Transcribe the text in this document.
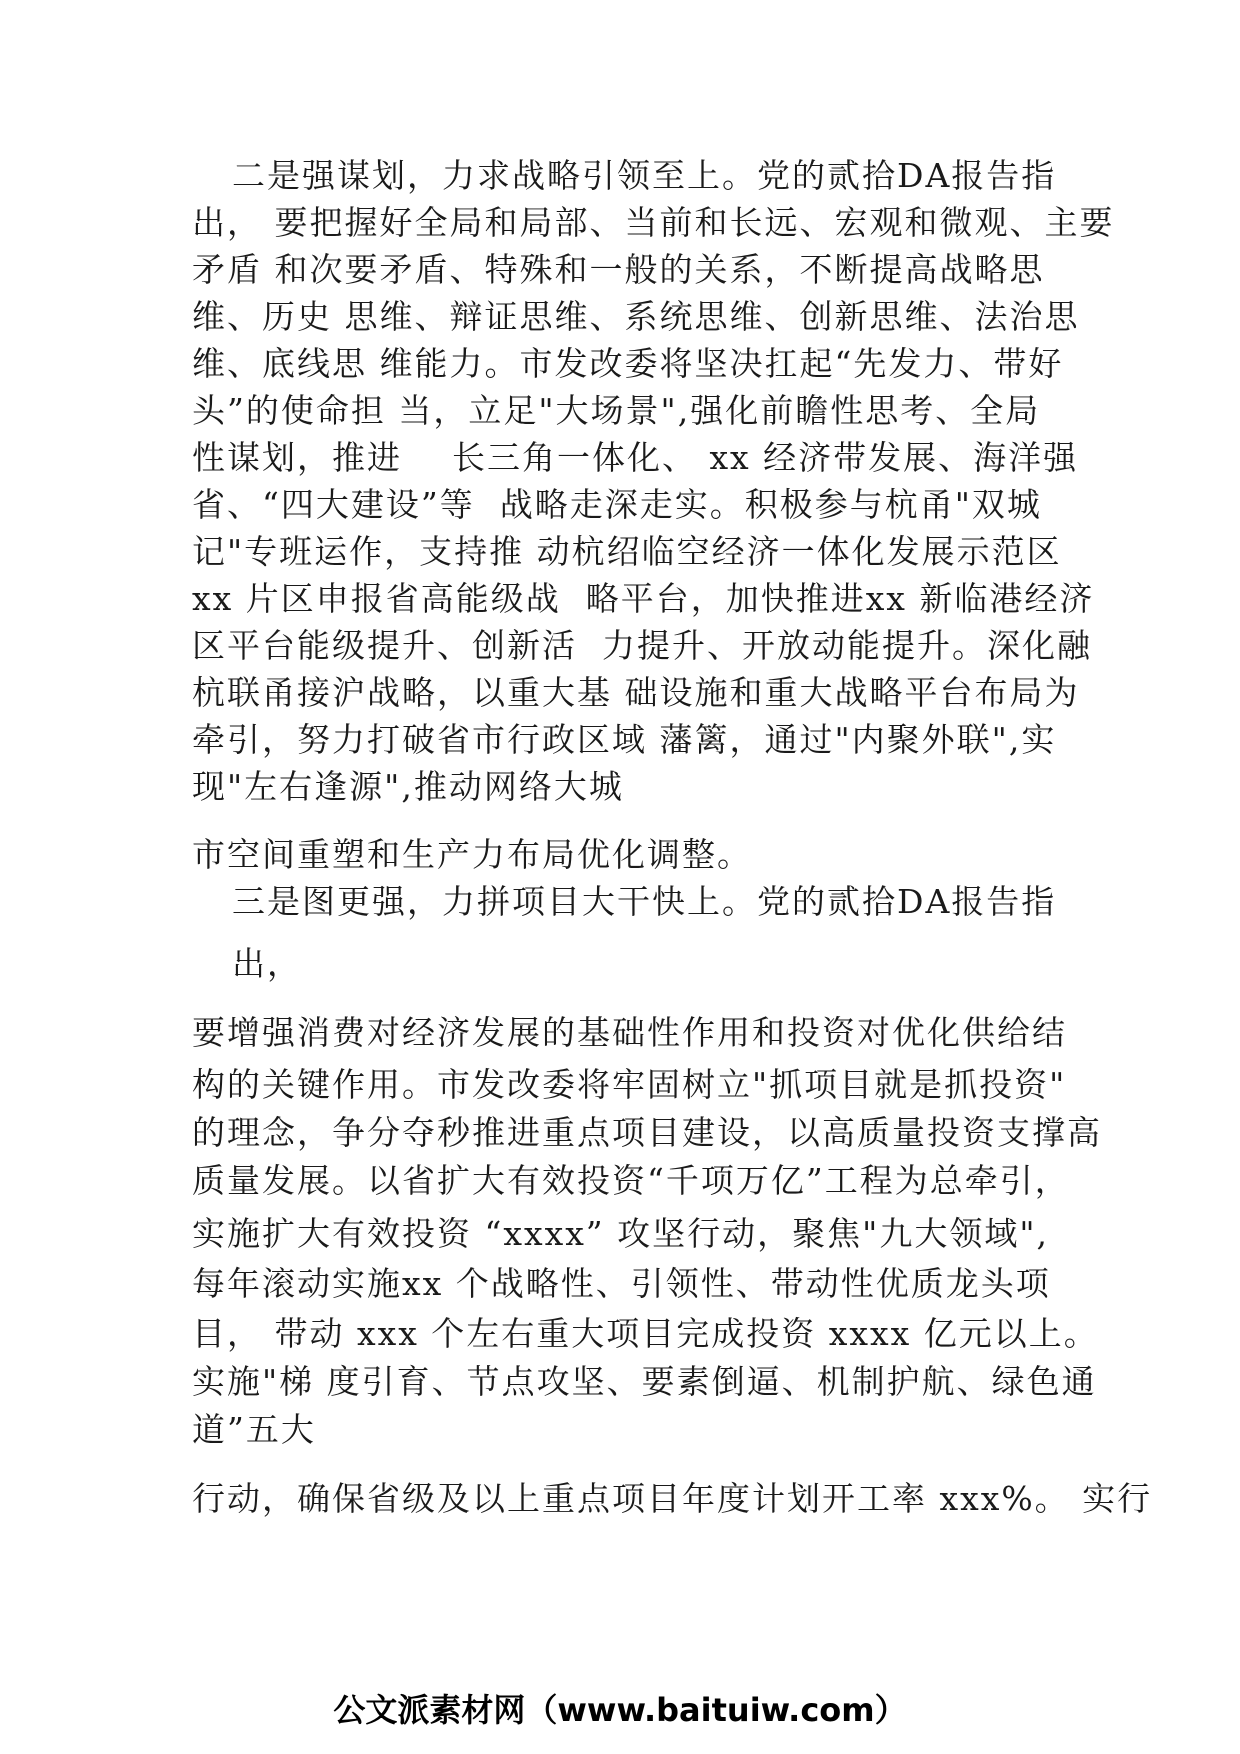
二是强谋划，力求战略引领至上。党的贰拾DA报告指
出， 要把握好全局和局部、当前和长远、宏观和微观、主要
矛盾 和次要矛盾、特殊和一般的关系，不断提高战略思
维、历史 思维、辩证思维、系统思维、创新思维、法治思
维、底线思 维能力。市发改委将坚决扛起“先发力、带好
头”的使命担 当，立足"大场景",强化前瞻性思考、全局
性谋划，推进    长三角一体化、 xx 经济带发展、海洋强
省、“四大建设”等  战略走深走实。积极参与杭甬"双城
记"专班运作，支持推 动杭绍临空经济一体化发展示范区
xx 片区申报省高能级战  略平台，加快推进xx 新临港经济
区平台能级提升、创新活  力提升、开放动能提升。深化融
杭联甬接沪战略，以重大基 础设施和重大战略平台布局为
牵引，努力打破省市行政区域 藩篱，通过"内聚外联",实
现"左右逢源",推动网络大城
市空间重塑和生产力布局优化调整。
三是图更强，力拼项目大干快上。党的贰拾DA报告指
出，
要增强消费对经济发展的基础性作用和投资对优化供给结
构的关键作用。市发改委将牢固树立"抓项目就是抓投资"
的理念，争分夺秒推进重点项目建设，以高质量投资支撑高
质量发展。以省扩大有效投资“千项万亿”工程为总牵引，
实施扩大有效投资 “xxxx” 攻坚行动，聚焦"九大领域",
每年滚动实施xx 个战略性、引领性、带动性优质龙头项
目， 带动 xxx 个左右重大项目完成投资 xxxx 亿元以上。
实施"梯 度引育、节点攻坚、要素倒逼、机制护航、绿色通
道”五大
行动，确保省级及以上重点项目年度计划开工率 xxx%。 实行
公文派素材网（www.baituiw.com）
